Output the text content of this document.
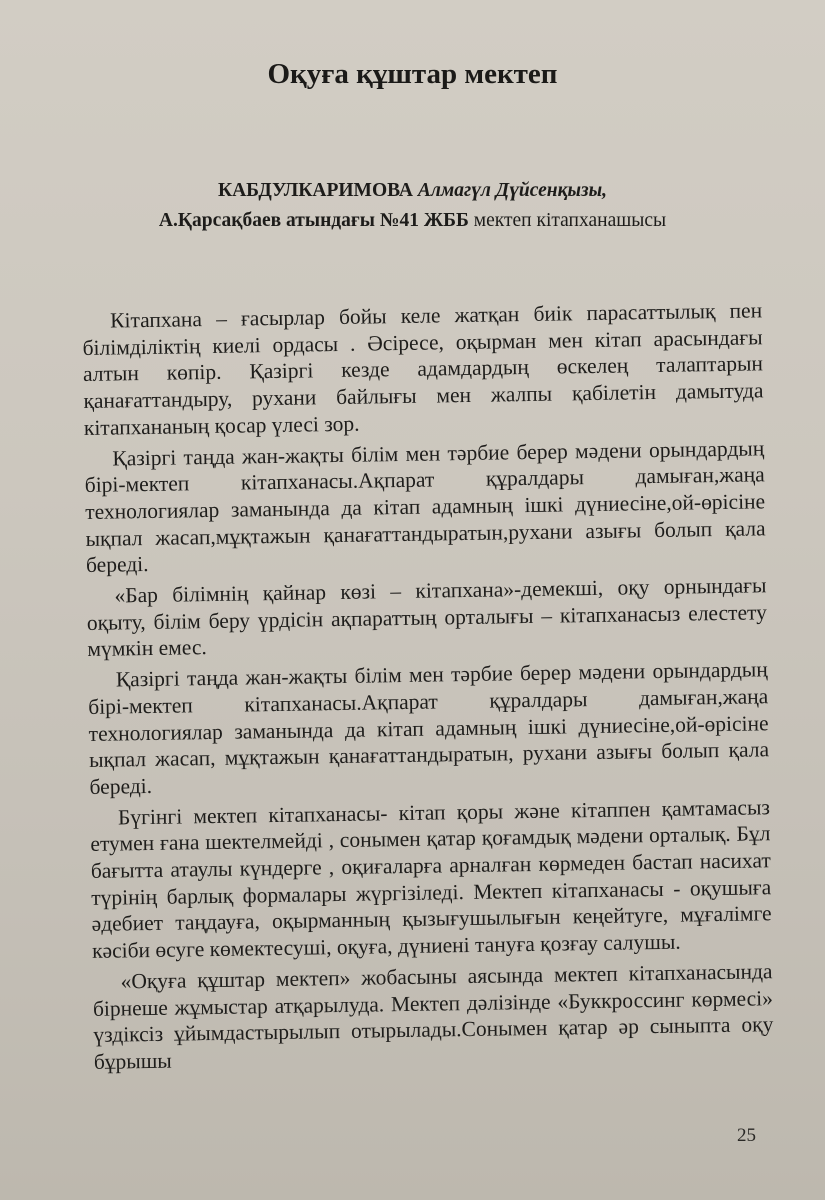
Оқуға құштар мектеп
КАБДУЛКАРИМОВА Алмагүл Дүйсенқызы,
А.Қарсақбаев атындағы №41 ЖББ мектеп кітапханашысы

Кітапхана – ғасырлар бойы келе жатқан биік парасаттылық пен білімділіктің киелі ордасы . Әсіресе, оқырман мен кітап арасындағы алтын көпір. Қазіргі кезде адамдардың өскелең талаптарын қанағаттандыру, рухани байлығы мен жалпы қабілетін дамытуда кітапхананың қосар үлесі зор.

Қазіргі таңда жан-жақты білім мен тәрбие берер мәдени орындардың бірі-мектеп кітапханасы.Ақпарат құралдары дамыған,жаңа технологиялар заманында да кітап адамның ішкі дүниесіне,ой-өрісіне ықпал жасап,мұқтажын қанағаттандыратын,рухани азығы болып қала береді.

«Бар білімнің қайнар көзі – кітапхана»-демекші, оқу орнындағы оқыту, білім беру үрдісін ақпараттың орталығы – кітапханасыз елестету мүмкін емес.

Қазіргі таңда жан-жақты білім мен тәрбие берер мәдени орындардың бірі-мектеп кітапханасы.Ақпарат құралдары дамыған,жаңа технологиялар заманында да кітап адамның ішкі дүниесіне,ой-өрісіне ықпал жасап, мұқтажын қанағаттандыратын, рухани азығы болып қала береді.

Бүгінгі мектеп кітапханасы- кітап қоры және кітаппен қамтамасыз етумен ғана шектелмейді , сонымен қатар қоғамдық мәдени орталық. Бұл бағытта атаулы күндерге , оқиғаларға арналған көрмеден бастап насихат түрінің барлық формалары жүргізіледі. Мектеп кітапханасы - оқушыға әдебиет таңдауға, оқырманның қызығушылығын кеңейтуге, мұғалімге кәсіби өсуге көмектесуші, оқуға, дүниені тануға қозғау салушы.

«Оқуға құштар мектеп» жобасыны аясында мектеп кітапханасында бірнеше жұмыстар атқарылуда. Мектеп дәлізінде «Буккроссинг көрмесі» үздіксіз ұйымдастырылып отырылады.Сонымен қатар әр сыныпта оқу бұрышы

25
